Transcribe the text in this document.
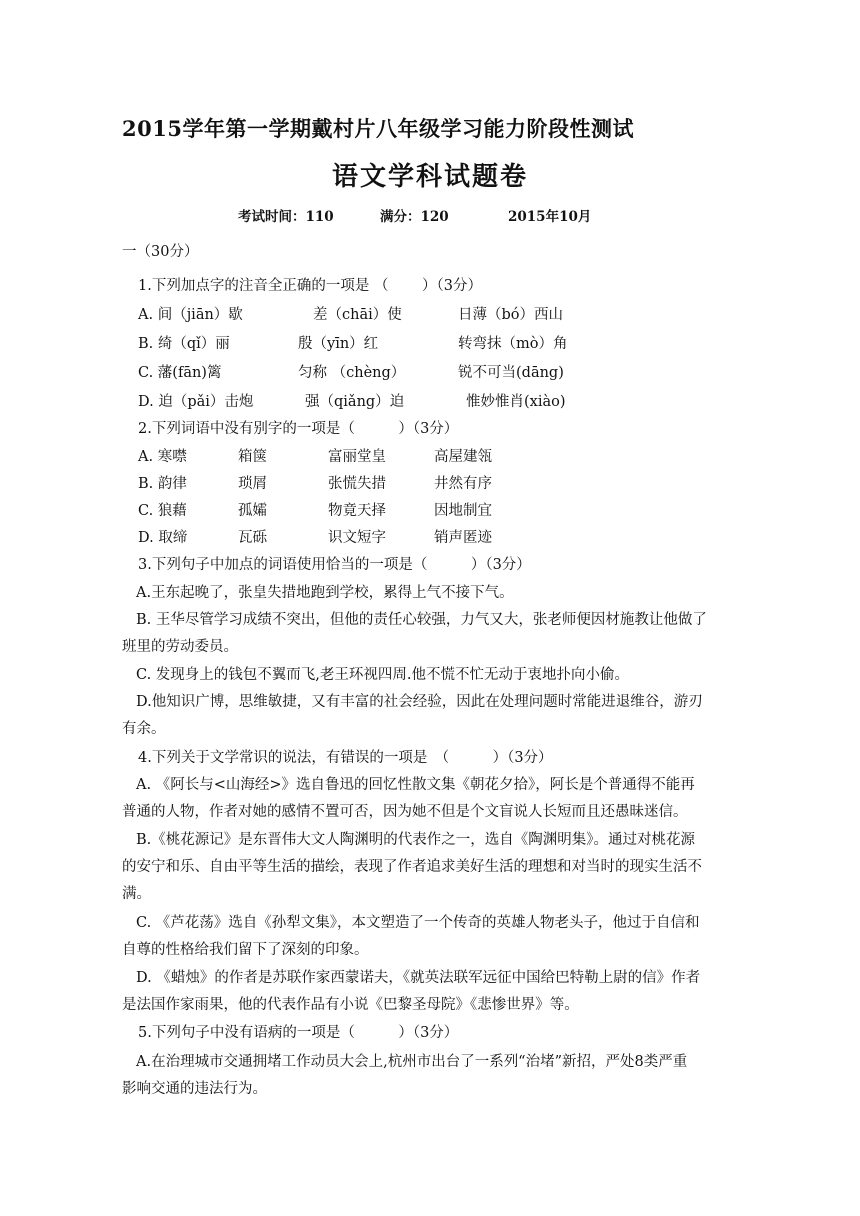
2015学年第一学期戴村片八年级学习能力阶段性测试
语文学科试题卷
考试时间：110	满分：120	2015年10月
一（30分）
1.下列加点字的注音全正确的一项是 （　　 ）（3分）
A. 间（jiān）歇	差（chāi）使	日薄（bó）西山
B. 绮（qǐ）丽	殷（yīn）红	转弯抹（mò）角
C. 藩(fān)篱	匀称 （chèng）	锐不可当(dāng)
D. 迫（pǎi）击炮	强（qiǎng）迫	惟妙惟肖(xiào)
2.下列词语中没有别字的一项是（　　　）（3分）
A. 寒噤	箱箧	富丽堂皇	高屋建瓴
B. 韵律	琐屑	张慌失措	井然有序
C. 狼藉	孤孀	物竟天择	因地制宜
D. 取缔	瓦砾	识文短字	销声匿迹
3.下列句子中加点的词语使用恰当的一项是（　　　）（3分）
A.王东起晚了，张皇失措地跑到学校，累得上气不接下气。
B. 王华尽管学习成绩不突出，但他的责任心较强，力气又大，张老师便因材施教让他做了
班里的劳动委员。
C. 发现身上的钱包不翼而飞,老王环视四周.他不慌不忙无动于衷地扑向小偷。
D.他知识广博，思维敏捷，又有丰富的社会经验，因此在处理问题时常能进退维谷，游刃
有余。
4.下列关于文学常识的说法，有错误的一项是　（　　　）（3分）
A. 《阿长与<山海经>》选自鲁迅的回忆性散文集《朝花夕拾》，阿长是个普通得不能再
普通的人物，作者对她的感情不置可否，因为她不但是个文盲说人长短而且还愚昧迷信。
B.《桃花源记》是东晋伟大文人陶渊明的代表作之一，选自《陶渊明集》。通过对桃花源
的安宁和乐、自由平等生活的描绘，表现了作者追求美好生活的理想和对当时的现实生活不
满。
C. 《芦花荡》选自《孙犁文集》，本文塑造了一个传奇的英雄人物老头子，他过于自信和
自尊的性格给我们留下了深刻的印象。
D. 《蜡烛》的作者是苏联作家西蒙诺夫，《就英法联军远征中国给巴特勒上尉的信》作者
是法国作家雨果，他的代表作品有小说《巴黎圣母院》《悲惨世界》等。
5.下列句子中没有语病的一项是（　　　）（3分）
A.在治理城市交通拥堵工作动员大会上,杭州市出台了一系列“治堵”新招，严处8类严重
影响交通的违法行为。
